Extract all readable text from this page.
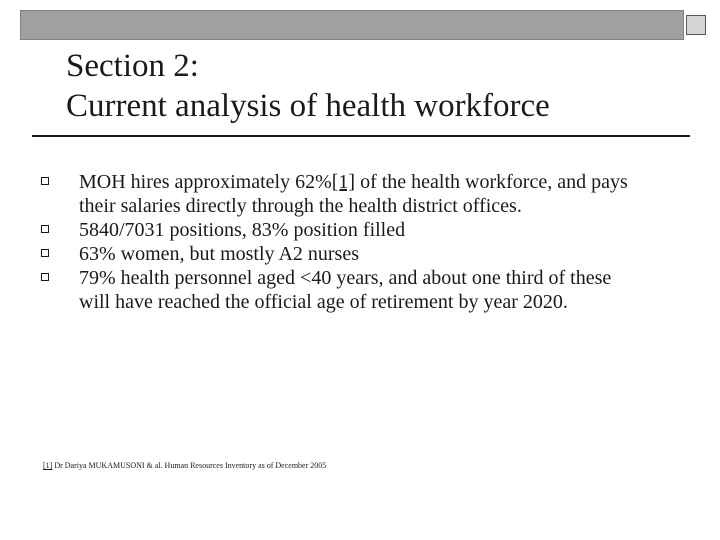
Section 2:
Current analysis of health workforce
MOH hires approximately 62%[1] of the health workforce, and pays their salaries directly through the health district offices.
5840/7031 positions, 83% position filled
63% women, but mostly A2 nurses
79% health personnel aged <40 years, and about one third of these will have reached the official age of retirement by year 2020.
[1] Dr Dariya MUKAMUSONI & al. Human Resources Inventory as of December 2005
